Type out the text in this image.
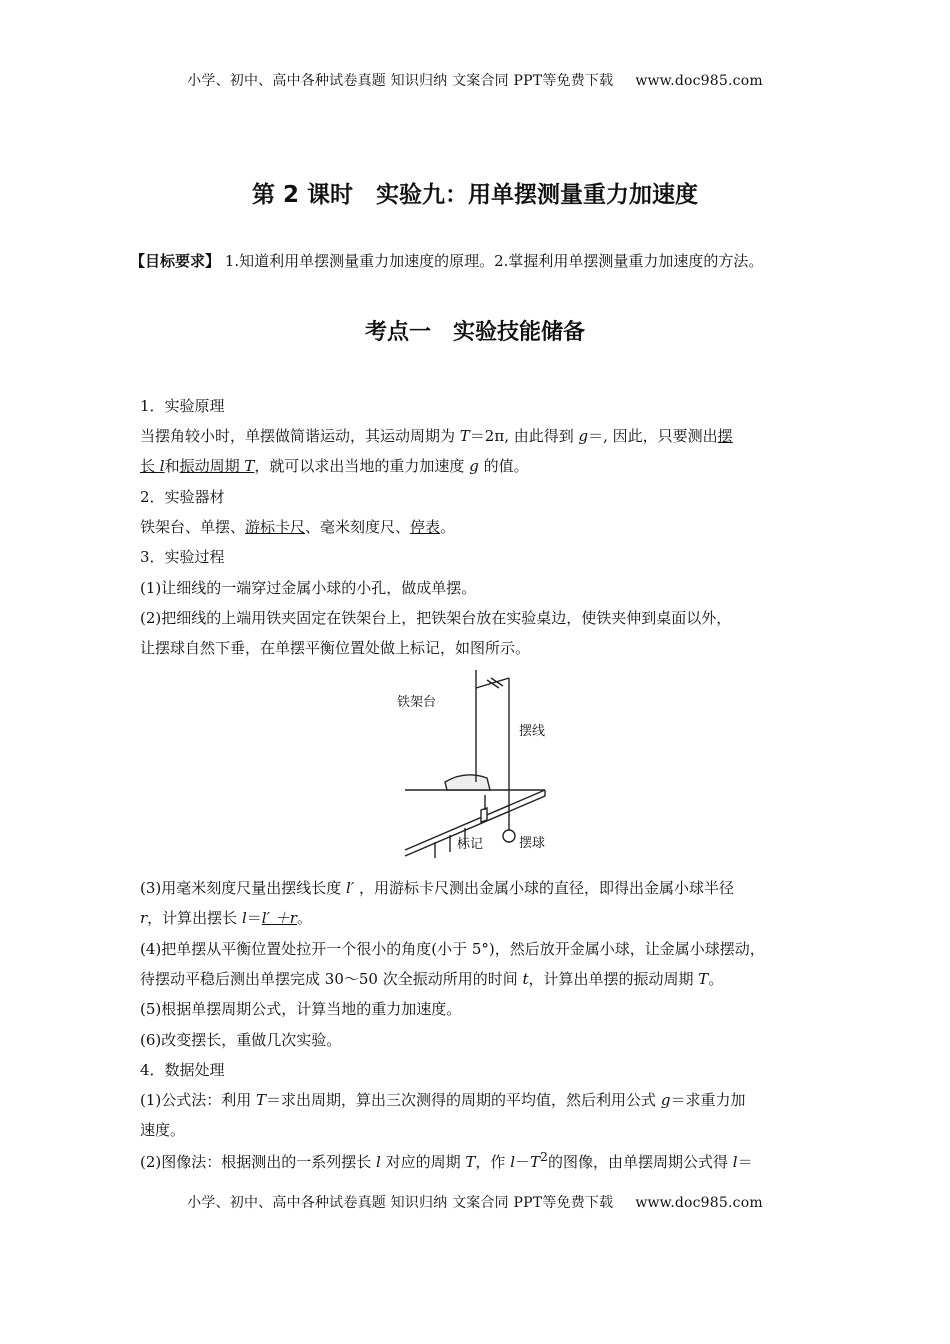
小学、初中、高中各种试卷真题 知识归纳 文案合同 PPT等免费下载 www.doc985.com
第 2 课时　实验九：用单摆测量重力加速度
【目标要求】 1.知道利用单摆测量重力加速度的原理。2.掌握利用单摆测量重力加速度的方法。
考点一　实验技能储备
1．实验原理
当摆角较小时，单摆做简谐运动，其运动周期为 T＝2π, 由此得到 g＝, 因此，只要测出摆
长 l和振动周期 T，就可以求出当地的重力加速度 g 的值。
2．实验器材
铁架台、单摆、游标卡尺、毫米刻度尺、停表。
3．实验过程
(1)让细线的一端穿过金属小球的小孔，做成单摆。
(2)把细线的上端用铁夹固定在铁架台上，把铁架台放在实验桌边，使铁夹伸到桌面以外，
让摆球自然下垂，在单摆平衡位置处做上标记，如图所示。
铁架台
摆线
标记	摆球
(3)用毫米刻度尺量出摆线长度 l′ ，用游标卡尺测出金属小球的直径，即得出金属小球半径
r，计算出摆长 l＝l′ ＋r。
(4)把单摆从平衡位置处拉开一个很小的角度(小于 5°)，然后放开金属小球，让金属小球摆动，
待摆动平稳后测出单摆完成 30～50 次全振动所用的时间 t，计算出单摆的振动周期 T。
(5)根据单摆周期公式，计算当地的重力加速度。
(6)改变摆长，重做几次实验。
4．数据处理
(1)公式法：利用 T＝求出周期，算出三次测得的周期的平均值，然后利用公式 g＝求重力加
速度。
(2)图像法：根据测出的一系列摆长 l 对应的周期 T，作 $l-T^2$的图像，由单摆周期公式得 l＝
小学、初中、高中各种试卷真题 知识归纳 文案合同 PPT等免费下载 www.doc985.com
